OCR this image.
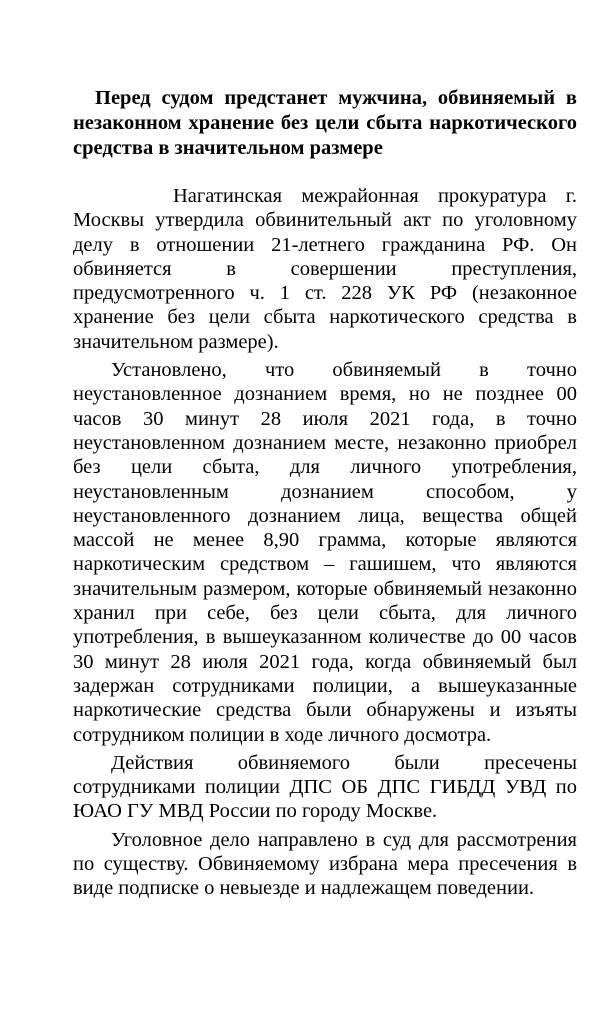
Перед судом предстанет мужчина, обвиняемый в незаконном хранение без цели сбыта наркотического средства в значительном размере

Нагатинская межрайонная прокуратура г. Москвы утвердила обвинительный акт по уголовному делу в отношении 21-летнего гражданина РФ. Он обвиняется в совершении преступления, предусмотренного ч. 1 ст. 228 УК РФ (незаконное хранение без цели сбыта наркотического средства в значительном размере).

Установлено, что обвиняемый в точно неустановленное дознанием время, но не позднее 00 часов 30 минут 28 июля 2021 года, в точно неустановленном дознанием месте, незаконно приобрел без цели сбыта, для личного употребления, неустановленным дознанием способом, у неустановленного дознанием лица, вещества общей массой не менее 8,90 грамма, которые являются наркотическим средством – гашишем, что являются значительным размером, которые обвиняемый незаконно хранил при себе, без цели сбыта, для личного употребления, в вышеуказанном количестве до 00 часов 30 минут 28 июля 2021 года, когда обвиняемый был задержан сотрудниками полиции, а вышеуказанные наркотические средства были обнаружены и изъяты сотрудником полиции в ходе личного досмотра.

Действия обвиняемого были пресечены сотрудниками полиции ДПС ОБ ДПС ГИБДД УВД по ЮАО ГУ МВД России по городу Москве.

Уголовное дело направлено в суд для рассмотрения по существу. Обвиняемому избрана мера пресечения в виде подписке о невыезде и надлежащем поведении.
